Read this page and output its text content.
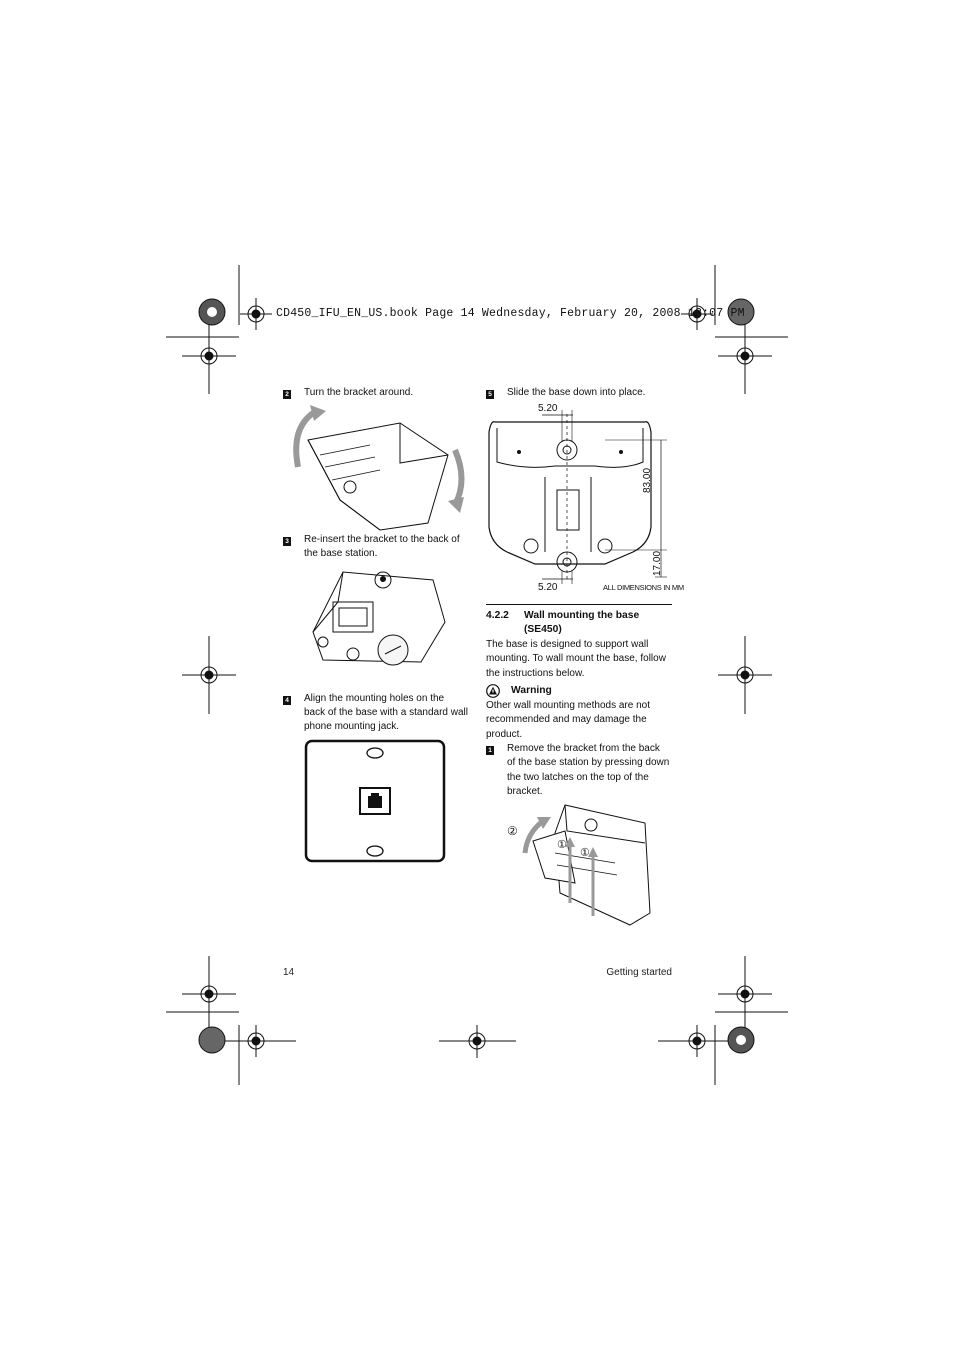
CD450_IFU_EN_US.book Page 14 Wednesday, February 20, 2008 12:07 PM
2 Turn the bracket around.
3 Re-insert the bracket to the back of
the base station.
4 Align the mounting holes on the
back of the base with a standard wall
phone mounting jack.
5 Slide the base down into place.
5.20
5.20
83.00
17.00
ALL DIMENSIONS IN MM
4.2.2 Wall mounting the base
(SE450)
The base is designed to support wall
mounting. To wall mount the base, follow
the instructions below.
Warning
Other wall mounting methods are not
recommended and may damage the
product.
1 Remove the bracket from the back
of the base station by pressing down
the two latches on the top of the
bracket.
②
①
①
14	Getting started
